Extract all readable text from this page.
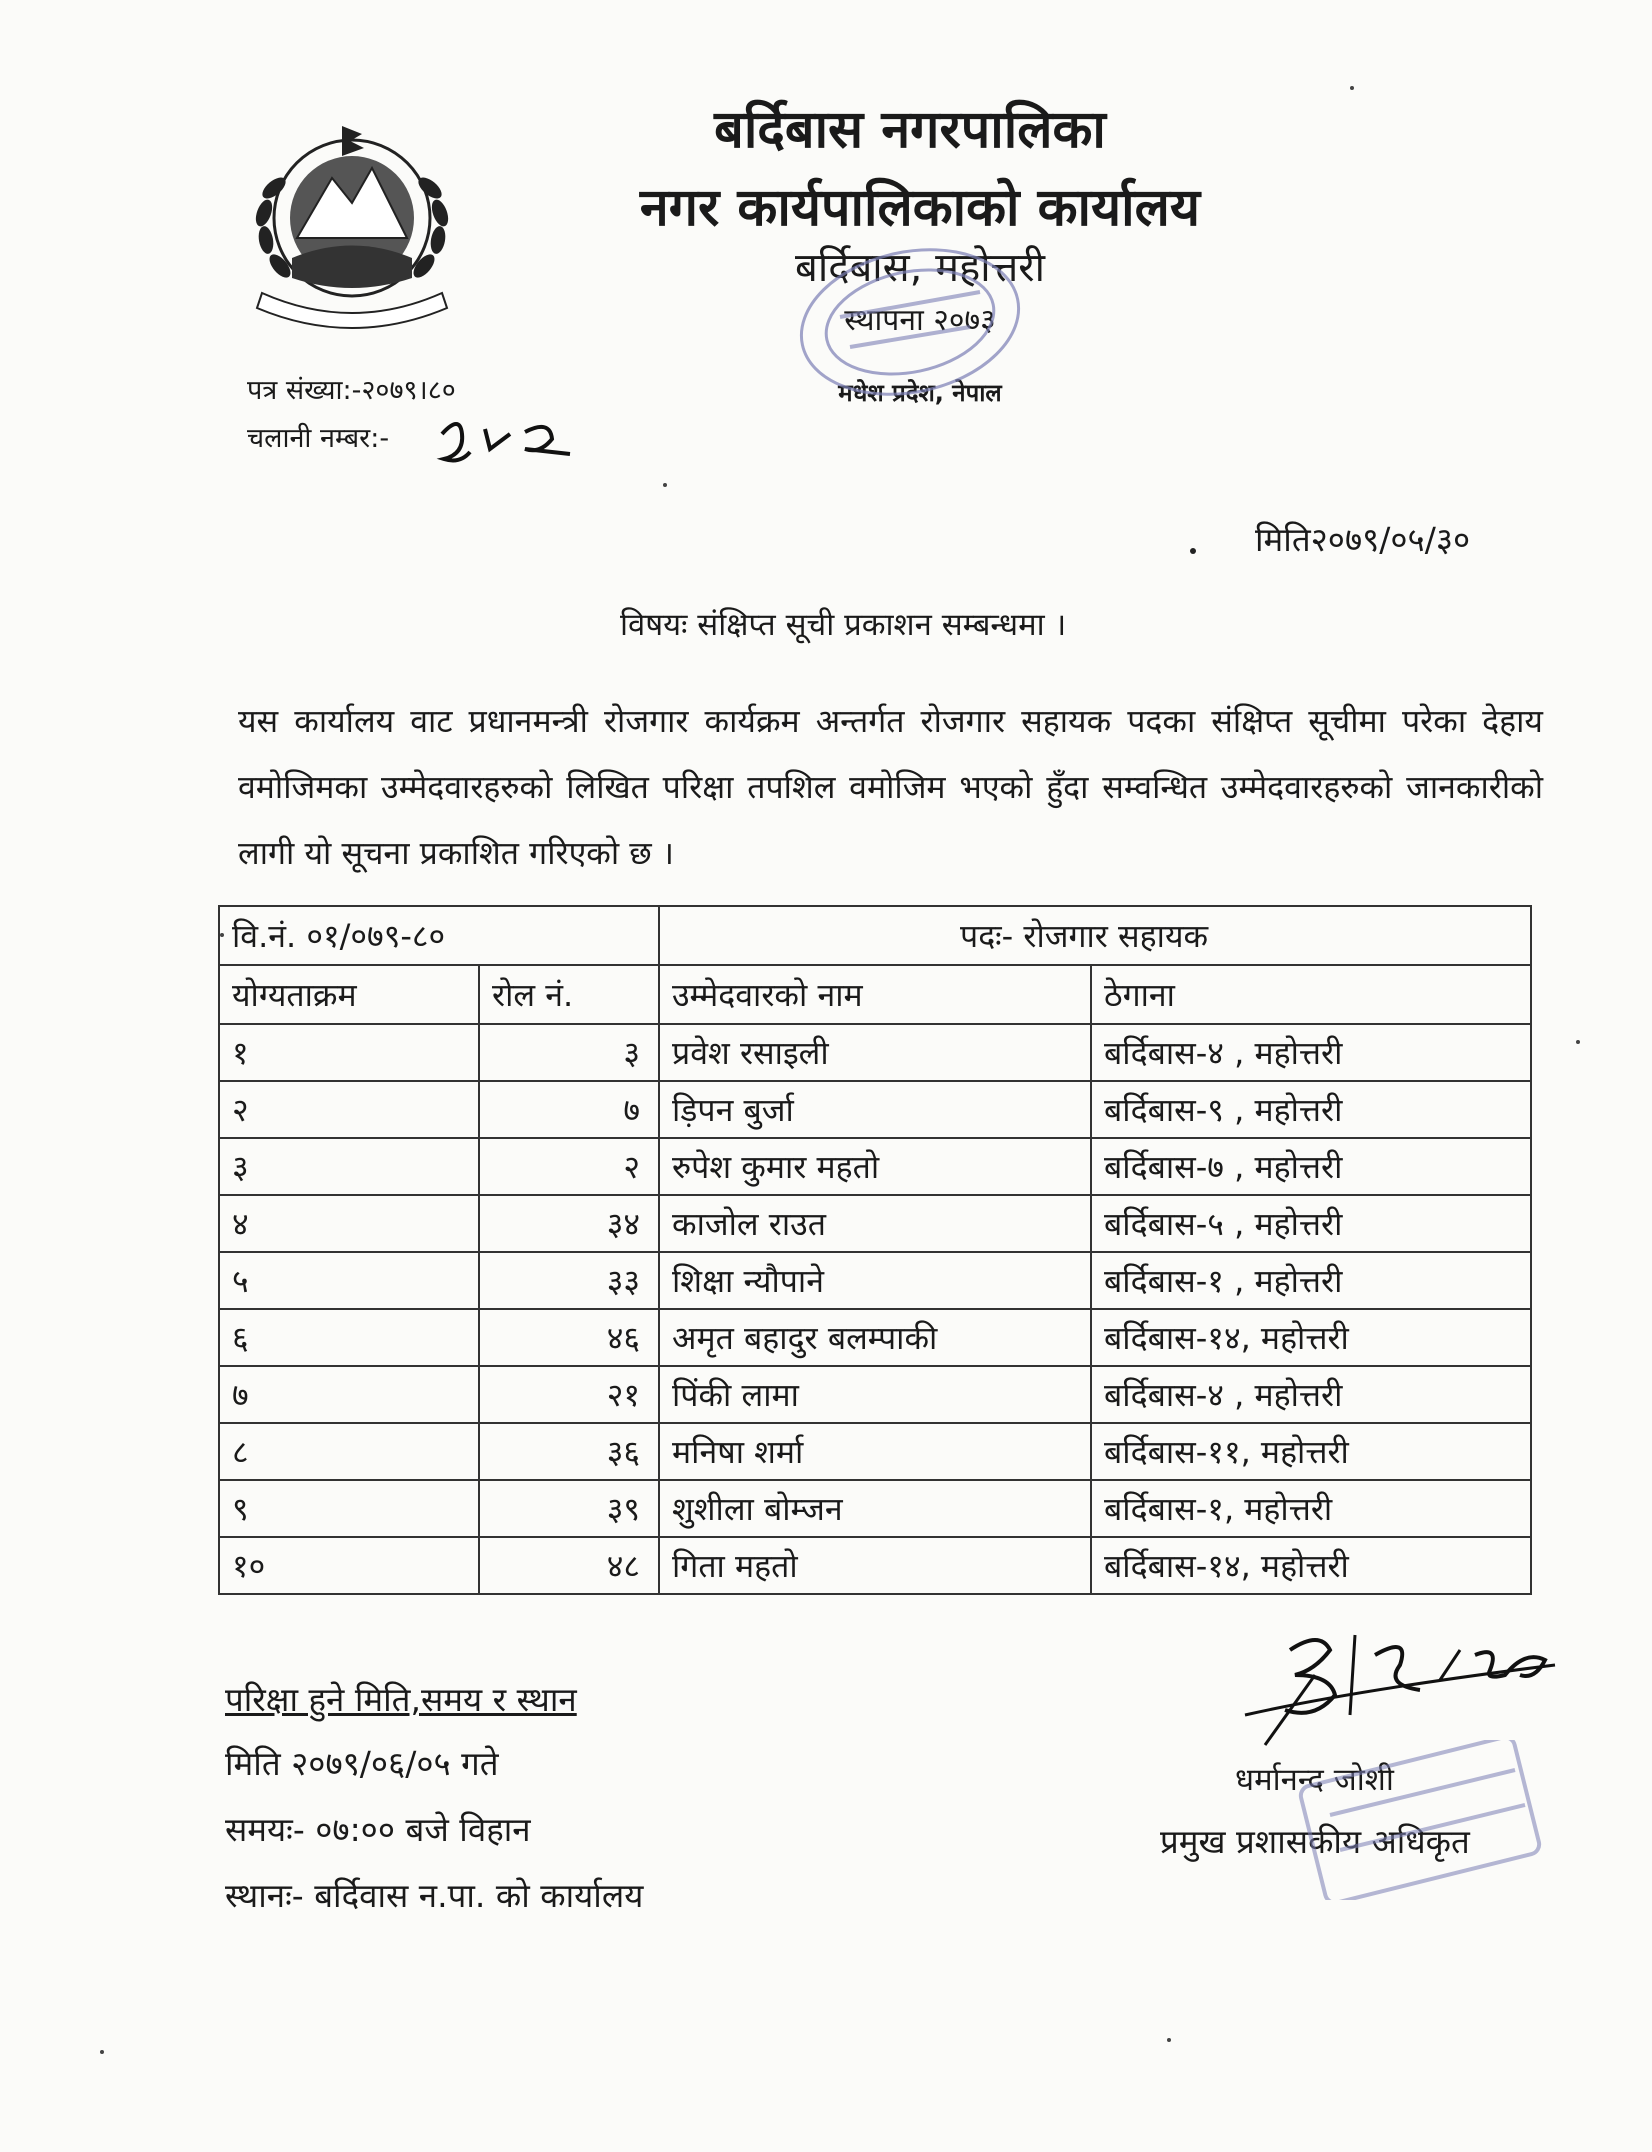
बर्दिबास नगरपालिका
नगर कार्यपालिकाको कार्यालय
बर्दिबास, महोत्तरी
स्थापना २०७३
मधेश प्रदेश, नेपाल
पत्र संख्या:-२०७९।८०
चलानी नम्बर:-
मिति२०७९/०५/३०
विषयः संक्षिप्त सूची प्रकाशन सम्बन्धमा ।
यस कार्यालय वाट प्रधानमन्त्री रोजगार कार्यक्रम अन्तर्गत रोजगार सहायक पदका संक्षिप्त सूचीमा परेका देहाय वमोजिमका उम्मेदवारहरुको लिखित परिक्षा तपशिल वमोजिम भएको हुँदा सम्वन्धित उम्मेदवारहरुको जानकारीको लागी यो सूचना प्रकाशित गरिएको छ ।
वि.नं. ०१/०७९-८०		पदः- रोजगार सहायक	
योग्यताक्रम	रोल नं.	उम्मेदवारको नाम	ठेगाना
१	३	प्रवेश रसाइली	बर्दिबास-४ , महोत्तरी
२	७	ड़िपन बुर्जा	बर्दिबास-९ , महोत्तरी
३	२	रुपेश कुमार महतो	बर्दिबास-७ , महोत्तरी
४	३४	काजोल राउत	बर्दिबास-५ , महोत्तरी
५	३३	शिक्षा न्यौपाने	बर्दिबास-१ , महोत्तरी
६	४६	अमृत बहादुर बलम्पाकी	बर्दिबास-१४, महोत्तरी
७	२१	पिंकी लामा	बर्दिबास-४ , महोत्तरी
८	३६	मनिषा शर्मा	बर्दिबास-११, महोत्तरी
९	३९	शुशीला बोम्जन	बर्दिबास-१, महोत्तरी
१०	४८	गिता महतो	बर्दिबास-१४, महोत्तरी
परिक्षा हुने मिति,समय र स्थान
मिति २०७९/०६/०५ गते
समयः- ०७:०० बजे विहान
स्थानः- बर्दिवास न.पा. को कार्यालय
धर्मानन्द जोशी
प्रमुख प्रशासकीय अधिकृत
